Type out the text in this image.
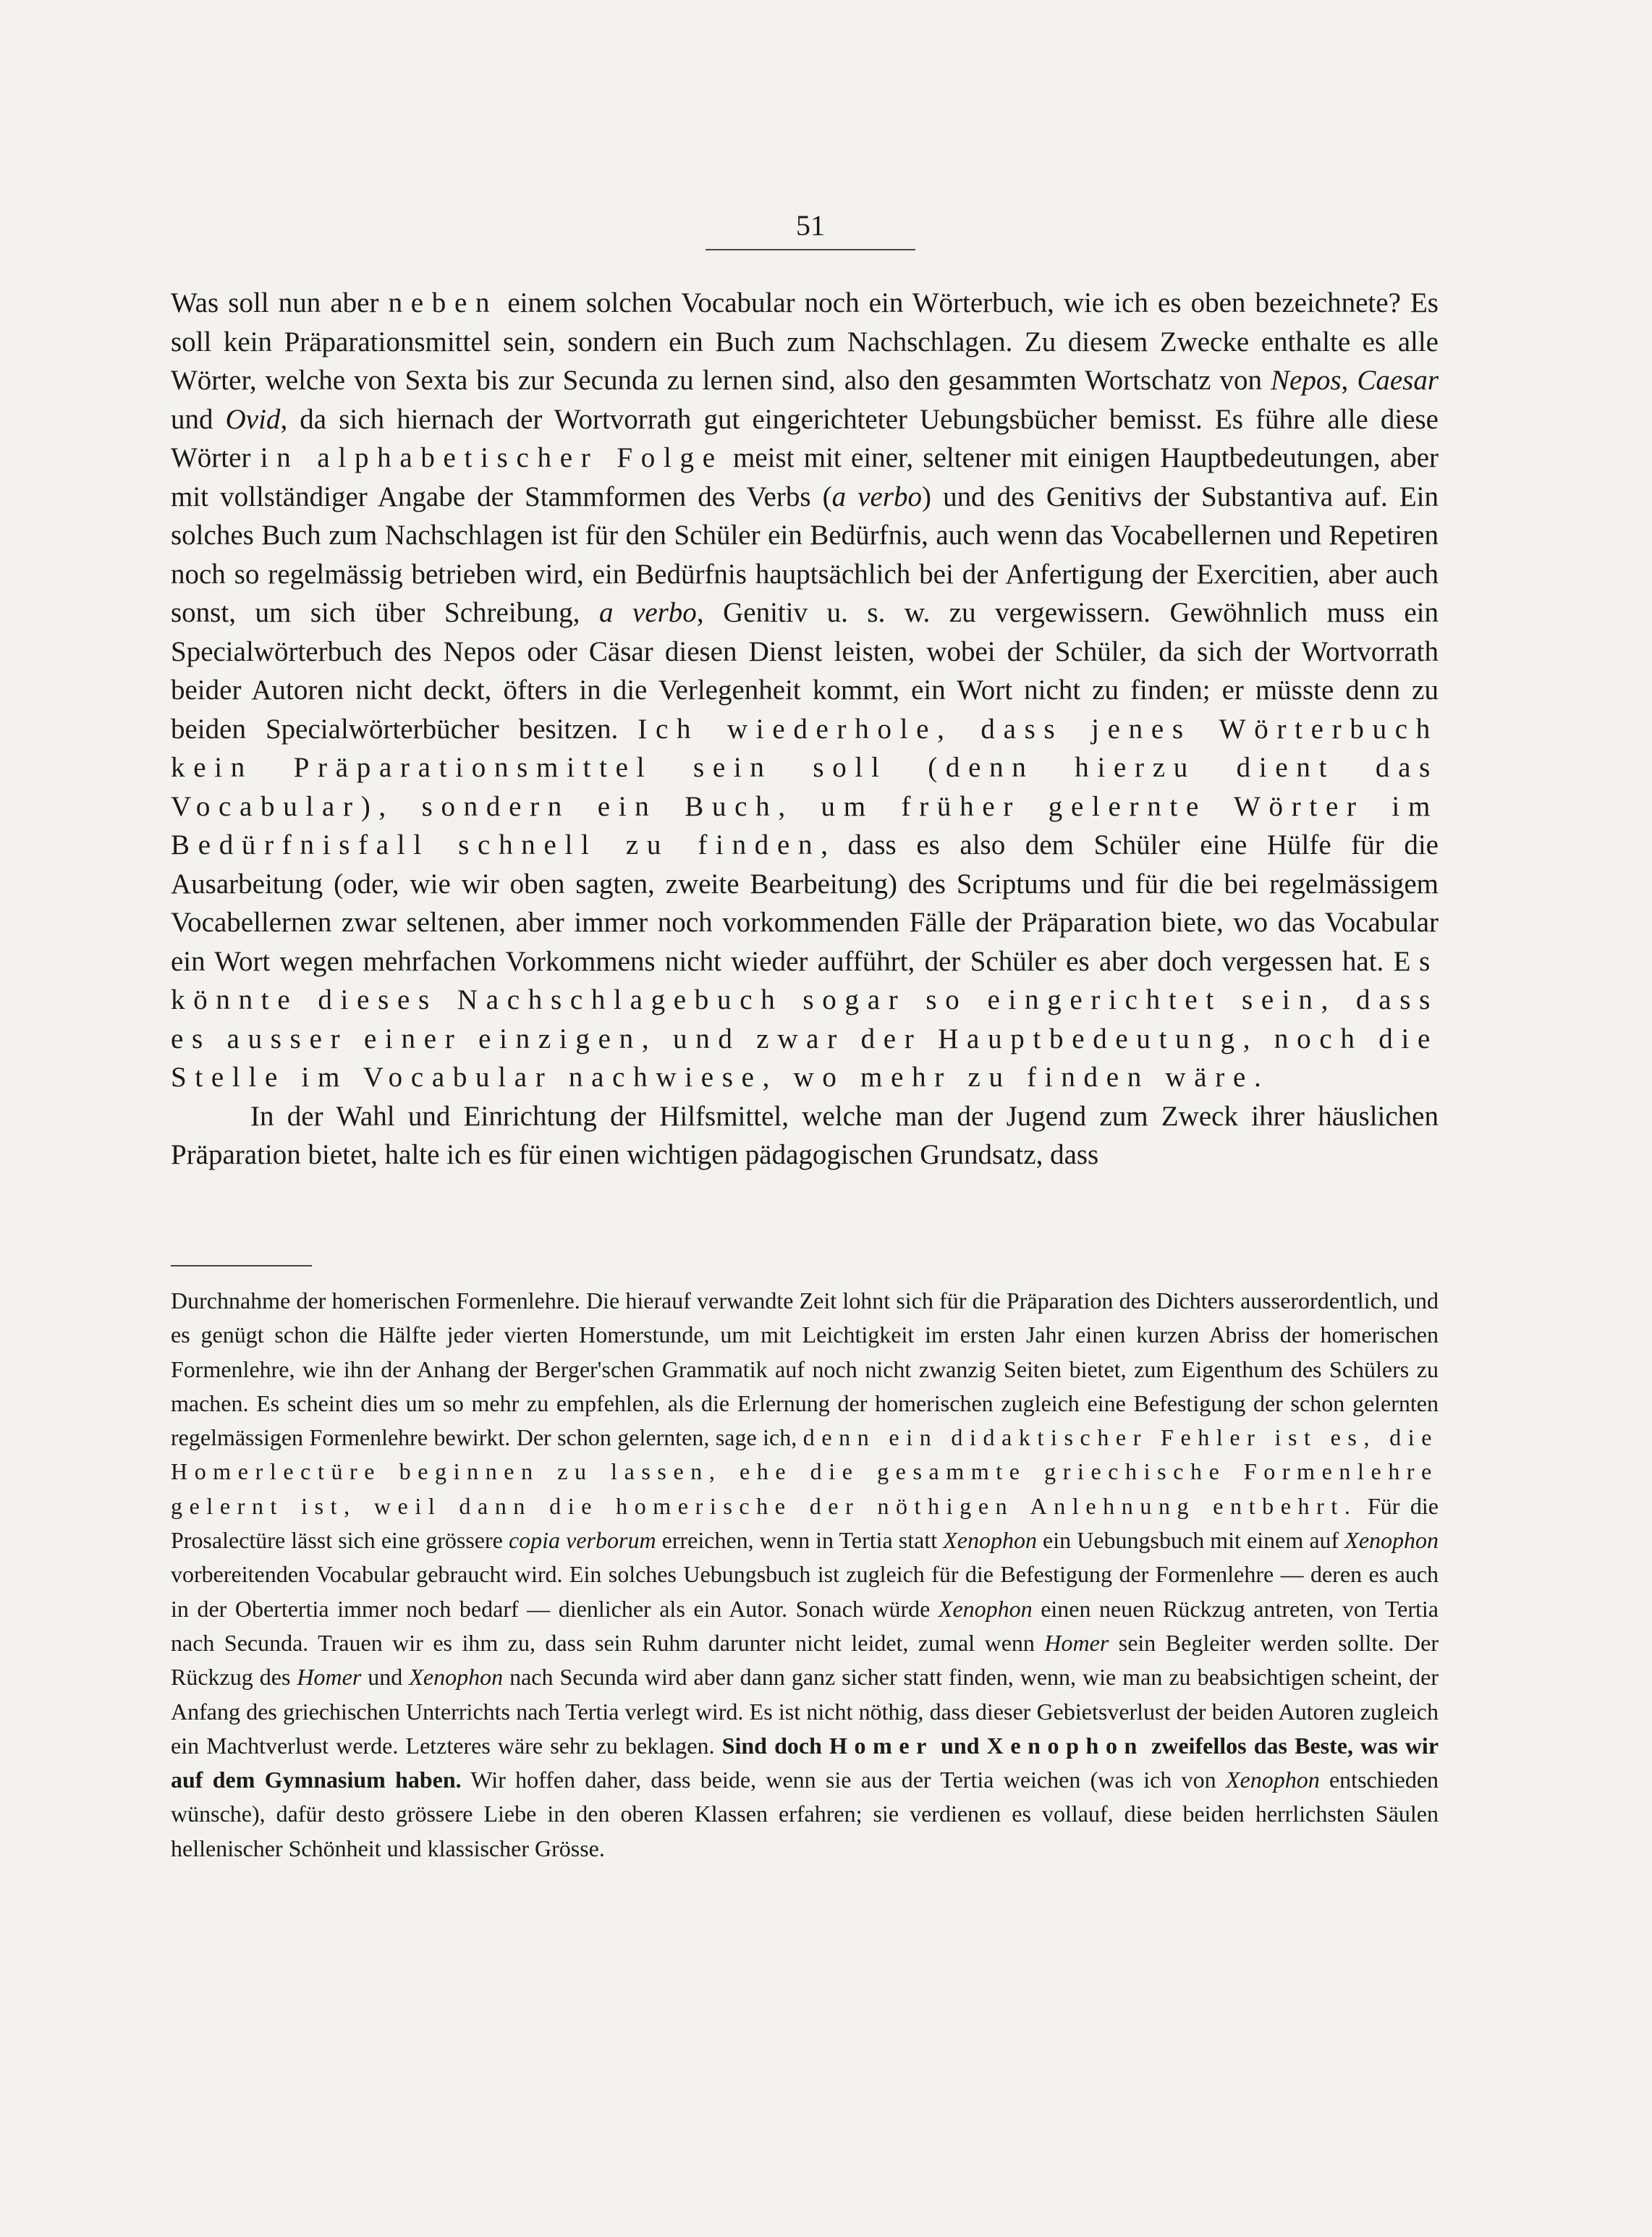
51

Was soll nun aber neben einem solchen Vocabular noch ein Wörterbuch, wie ich es oben bezeichnete? Es soll kein Präparationsmittel sein, sondern ein Buch zum Nachschlagen. Zu diesem Zwecke enthalte es alle Wörter, welche von Sexta bis zur Secunda zu lernen sind, also den gesammten Wortschatz von Nepos, Caesar und Ovid, da sich hiernach der Wortvorrath gut eingerichteter Uebungsbücher bemisst. Es führe alle diese Wörter in alphabetischer Folge meist mit einer, seltener mit einigen Hauptbedeutungen, aber mit vollständiger Angabe der Stammformen des Verbs (a verbo) und des Genitivs der Substantiva auf. Ein solches Buch zum Nachschlagen ist für den Schüler ein Bedürfnis, auch wenn das Vocabellernen und Repetiren noch so regelmässig betrieben wird, ein Bedürfnis hauptsächlich bei der Anfertigung der Exercitien, aber auch sonst, um sich über Schreibung, a verbo, Genitiv u. s. w. zu vergewissern. Gewöhnlich muss ein Specialwörterbuch des Nepos oder Cäsar diesen Dienst leisten, wobei der Schüler, da sich der Wortvorrath beider Autoren nicht deckt, öfters in die Verlegenheit kommt, ein Wort nicht zu finden; er müsste denn zu beiden Specialwörterbücher besitzen. Ich wiederhole, dass jenes Wörterbuch kein Präparationsmittel sein soll (denn hierzu dient das Vocabular), sondern ein Buch, um früher gelernte Wörter im Bedürfnisfall schnell zu finden, dass es also dem Schüler eine Hülfe für die Ausarbeitung (oder, wie wir oben sagten, zweite Bearbeitung) des Scriptums und für die bei regelmässigem Vocabellernen zwar seltenen, aber immer noch vorkommenden Fälle der Präparation biete, wo das Vocabular ein Wort wegen mehrfachen Vorkommens nicht wieder aufführt, der Schüler es aber doch vergessen hat. Es könnte dieses Nachschlagebuch sogar so eingerichtet sein, dass es ausser einer einzigen, und zwar der Hauptbedeutung, noch die Stelle im Vocabular nachwiese, wo mehr zu finden wäre.

In der Wahl und Einrichtung der Hilfsmittel, welche man der Jugend zum Zweck ihrer häuslichen Präparation bietet, halte ich es für einen wichtigen pädagogischen Grundsatz, dass

Durchnahme der homerischen Formenlehre. Die hierauf verwandte Zeit lohnt sich für die Präparation des Dichters ausserordentlich, und es genügt schon die Hälfte jeder vierten Homerstunde, um mit Leichtigkeit im ersten Jahr einen kurzen Abriss der homerischen Formenlehre, wie ihn der Anhang der Berger'schen Grammatik auf noch nicht zwanzig Seiten bietet, zum Eigenthum des Schülers zu machen. Es scheint dies um so mehr zu empfehlen, als die Erlernung der homerischen zugleich eine Befestigung der schon gelernten regelmässigen Formenlehre bewirkt. Der schon gelernten, sage ich, denn ein didaktischer Fehler ist es, die Homerlectüre beginnen zu lassen, ehe die gesammte griechische Formenlehre gelernt ist, weil dann die homerische der nöthigen Anlehnung entbehrt. Für die Prosalectüre lässt sich eine grössere copia verborum erreichen, wenn in Tertia statt Xenophon ein Uebungsbuch mit einem auf Xenophon vorbereitenden Vocabular gebraucht wird. Ein solches Uebungsbuch ist zugleich für die Befestigung der Formenlehre — deren es auch in der Obertertia immer noch bedarf — dienlicher als ein Autor. Sonach würde Xenophon einen neuen Rückzug antreten, von Tertia nach Secunda. Trauen wir es ihm zu, dass sein Ruhm darunter nicht leidet, zumal wenn Homer sein Begleiter werden sollte. Der Rückzug des Homer und Xenophon nach Secunda wird aber dann ganz sicher statt finden, wenn, wie man zu beabsichtigen scheint, der Anfang des griechischen Unterrichts nach Tertia verlegt wird. Es ist nicht nöthig, dass dieser Gebietsverlust der beiden Autoren zugleich ein Machtverlust werde. Letzteres wäre sehr zu beklagen. Sind doch Homer und Xenophon zweifellos das Beste, was wir auf dem Gymnasium haben. Wir hoffen daher, dass beide, wenn sie aus der Tertia weichen (was ich von Xenophon entschieden wünsche), dafür desto grössere Liebe in den oberen Klassen erfahren; sie verdienen es vollauf, diese beiden herrlichsten Säulen hellenischer Schönheit und klassischer Grösse.
